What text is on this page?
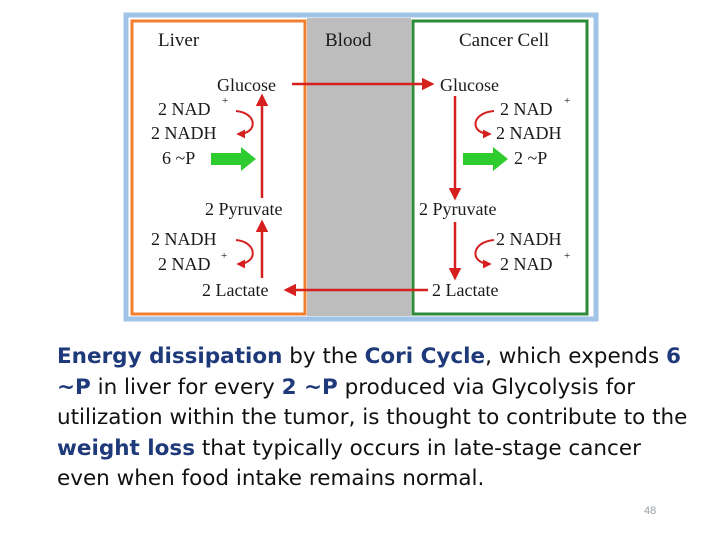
Liver	Blood	Cancer Cell
Glucose
2 NAD +
2 NADH
6 ~P
2 Pyruvate
2 NADH
2 NAD +
2 Lactate
Glucose
2 NAD +
2 NADH
2 ~P
2 Pyruvate
2 NADH
2 NAD +
2 Lactate
Energy dissipation by the Cori Cycle, which expends 6 ~P in liver for every 2 ~P produced via Glycolysis for utilization within the tumor, is thought to contribute to the weight loss that typically occurs in late-stage cancer even when food intake remains normal.
48
